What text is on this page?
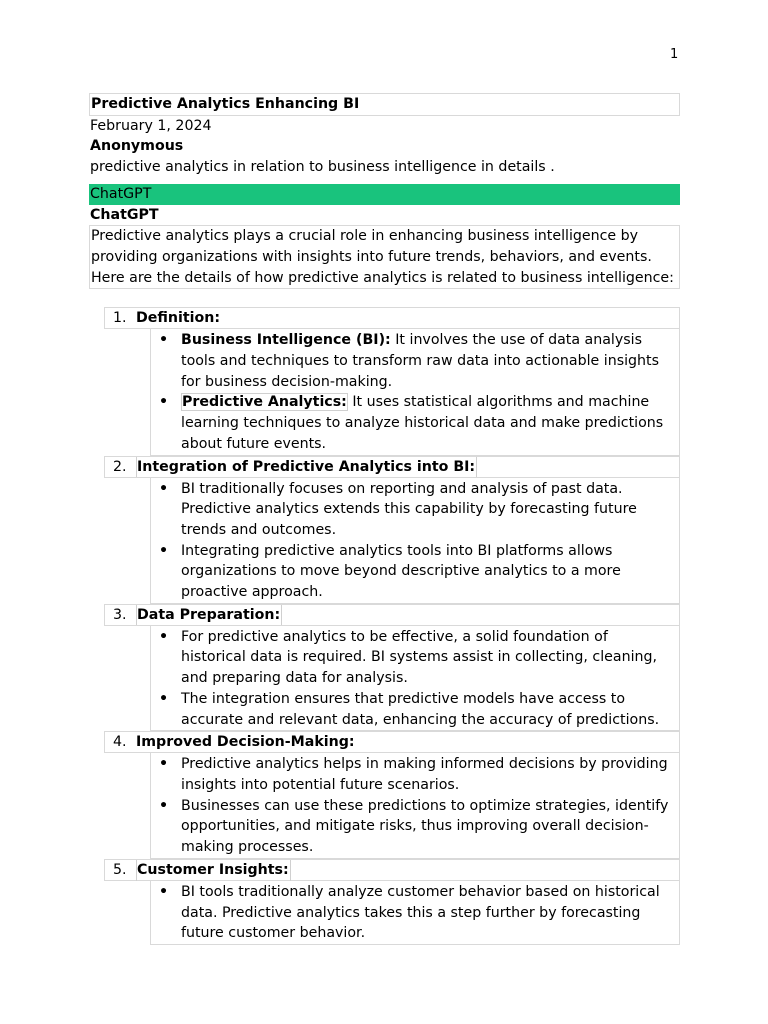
1
Predictive Analytics Enhancing BI
February 1, 2024
Anonymous
predictive analytics in relation to business intelligence in details .
ChatGPT
ChatGPT
Predictive analytics plays a crucial role in enhancing business intelligence by providing organizations with insights into future trends, behaviors, and events. Here are the details of how predictive analytics is related to business intelligence:
1. Definition:
• Business Intelligence (BI): It involves the use of data analysis tools and techniques to transform raw data into actionable insights for business decision-making.
• Predictive Analytics: It uses statistical algorithms and machine learning techniques to analyze historical data and make predictions about future events.
2. Integration of Predictive Analytics into BI:
• BI traditionally focuses on reporting and analysis of past data. Predictive analytics extends this capability by forecasting future trends and outcomes.
• Integrating predictive analytics tools into BI platforms allows organizations to move beyond descriptive analytics to a more proactive approach.
3. Data Preparation:
• For predictive analytics to be effective, a solid foundation of historical data is required. BI systems assist in collecting, cleaning, and preparing data for analysis.
• The integration ensures that predictive models have access to accurate and relevant data, enhancing the accuracy of predictions.
4. Improved Decision-Making:
• Predictive analytics helps in making informed decisions by providing insights into potential future scenarios.
• Businesses can use these predictions to optimize strategies, identify opportunities, and mitigate risks, thus improving overall decision-making processes.
5. Customer Insights:
• BI tools traditionally analyze customer behavior based on historical data. Predictive analytics takes this a step further by forecasting future customer behavior.
